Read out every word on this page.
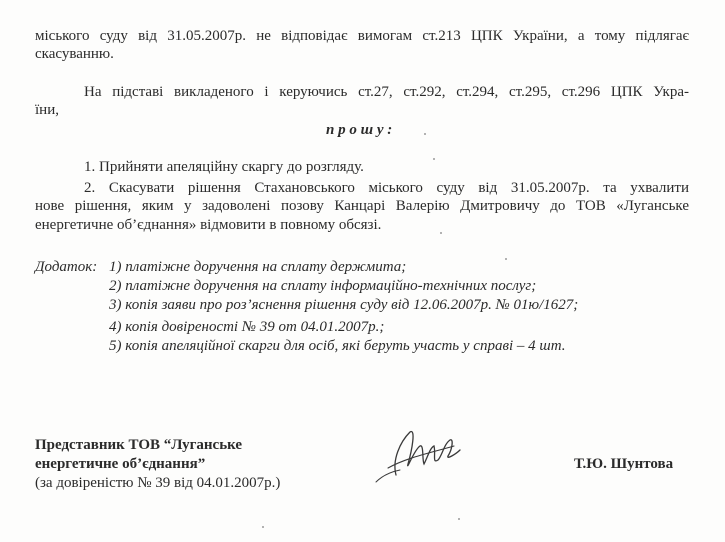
міського суду від 31.05.2007р. не відповідає вимогам ст.213 ЦПК України, а тому підлягає
скасуванню.
На підставі викладеного і керуючись ст.27, ст.292, ст.294, ст.295, ст.296 ЦПК Укра-
їни,
п р о ш у :
1. Прийняти апеляційну скаргу до розгляду.
2. Скасувати рішення Стахановського міського суду від 31.05.2007р. та ухвалити
нове рішення, яким у задоволені позову Канцарі Валерію Дмитровичу до ТОВ «Луганське
енергетичне об’єднання» відмовити в повному обсязі.
Додаток: 1) платіжне доручення на сплату держмита;
2) платіжне доручення на сплату інформаційно-технічних послуг;
3) копія заяви про роз’яснення рішення суду від 12.06.2007р. № 01ю/1627;
4) копія довіреності № 39 от 04.01.2007р.;
5) копія апеляційної скарги для осіб, які беруть участь у справі – 4 шт.
Представник ТОВ “Луганське
енергетичне об’єднання”
(за довіреністю № 39 від 04.01.2007р.)
Т.Ю. Шунтова
